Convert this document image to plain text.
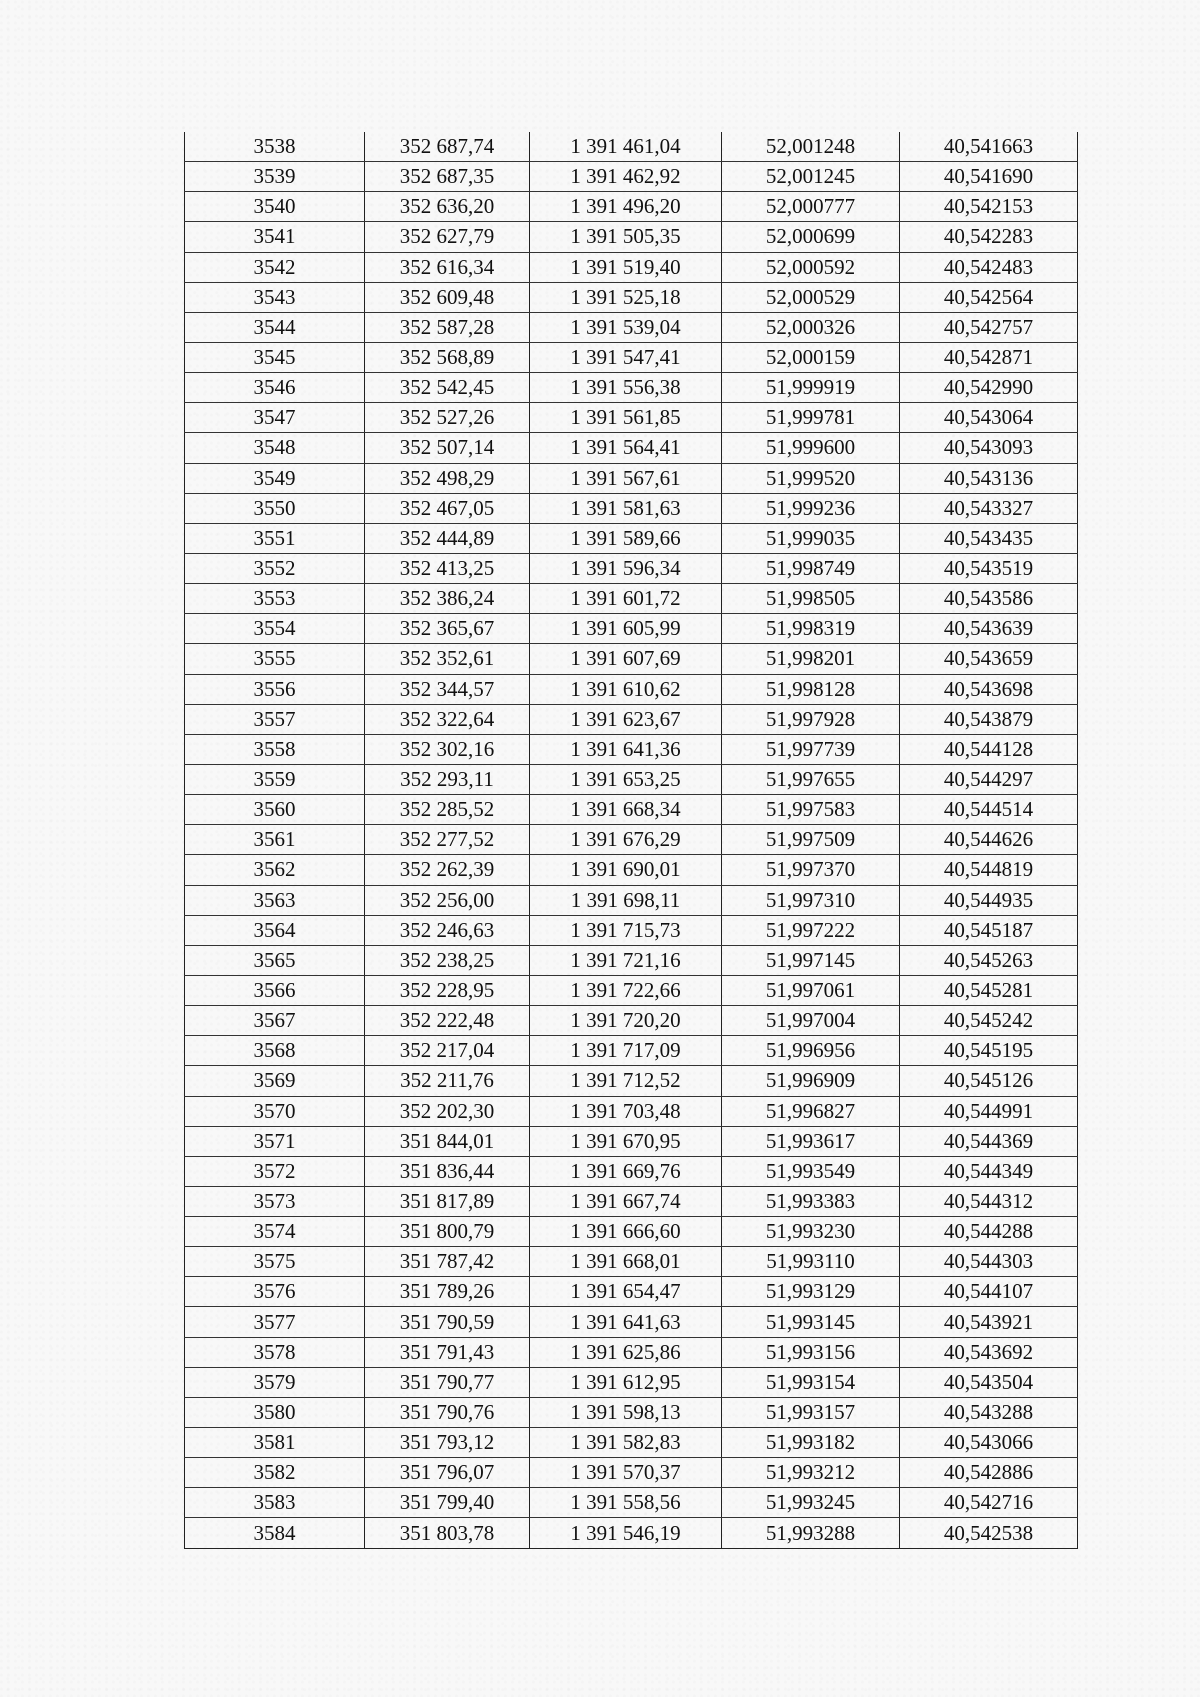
3538	352 687,74	1 391 461,04	52,001248	40,541663
3539	352 687,35	1 391 462,92	52,001245	40,541690
3540	352 636,20	1 391 496,20	52,000777	40,542153
3541	352 627,79	1 391 505,35	52,000699	40,542283
3542	352 616,34	1 391 519,40	52,000592	40,542483
3543	352 609,48	1 391 525,18	52,000529	40,542564
3544	352 587,28	1 391 539,04	52,000326	40,542757
3545	352 568,89	1 391 547,41	52,000159	40,542871
3546	352 542,45	1 391 556,38	51,999919	40,542990
3547	352 527,26	1 391 561,85	51,999781	40,543064
3548	352 507,14	1 391 564,41	51,999600	40,543093
3549	352 498,29	1 391 567,61	51,999520	40,543136
3550	352 467,05	1 391 581,63	51,999236	40,543327
3551	352 444,89	1 391 589,66	51,999035	40,543435
3552	352 413,25	1 391 596,34	51,998749	40,543519
3553	352 386,24	1 391 601,72	51,998505	40,543586
3554	352 365,67	1 391 605,99	51,998319	40,543639
3555	352 352,61	1 391 607,69	51,998201	40,543659
3556	352 344,57	1 391 610,62	51,998128	40,543698
3557	352 322,64	1 391 623,67	51,997928	40,543879
3558	352 302,16	1 391 641,36	51,997739	40,544128
3559	352 293,11	1 391 653,25	51,997655	40,544297
3560	352 285,52	1 391 668,34	51,997583	40,544514
3561	352 277,52	1 391 676,29	51,997509	40,544626
3562	352 262,39	1 391 690,01	51,997370	40,544819
3563	352 256,00	1 391 698,11	51,997310	40,544935
3564	352 246,63	1 391 715,73	51,997222	40,545187
3565	352 238,25	1 391 721,16	51,997145	40,545263
3566	352 228,95	1 391 722,66	51,997061	40,545281
3567	352 222,48	1 391 720,20	51,997004	40,545242
3568	352 217,04	1 391 717,09	51,996956	40,545195
3569	352 211,76	1 391 712,52	51,996909	40,545126
3570	352 202,30	1 391 703,48	51,996827	40,544991
3571	351 844,01	1 391 670,95	51,993617	40,544369
3572	351 836,44	1 391 669,76	51,993549	40,544349
3573	351 817,89	1 391 667,74	51,993383	40,544312
3574	351 800,79	1 391 666,60	51,993230	40,544288
3575	351 787,42	1 391 668,01	51,993110	40,544303
3576	351 789,26	1 391 654,47	51,993129	40,544107
3577	351 790,59	1 391 641,63	51,993145	40,543921
3578	351 791,43	1 391 625,86	51,993156	40,543692
3579	351 790,77	1 391 612,95	51,993154	40,543504
3580	351 790,76	1 391 598,13	51,993157	40,543288
3581	351 793,12	1 391 582,83	51,993182	40,543066
3582	351 796,07	1 391 570,37	51,993212	40,542886
3583	351 799,40	1 391 558,56	51,993245	40,542716
3584	351 803,78	1 391 546,19	51,993288	40,542538
